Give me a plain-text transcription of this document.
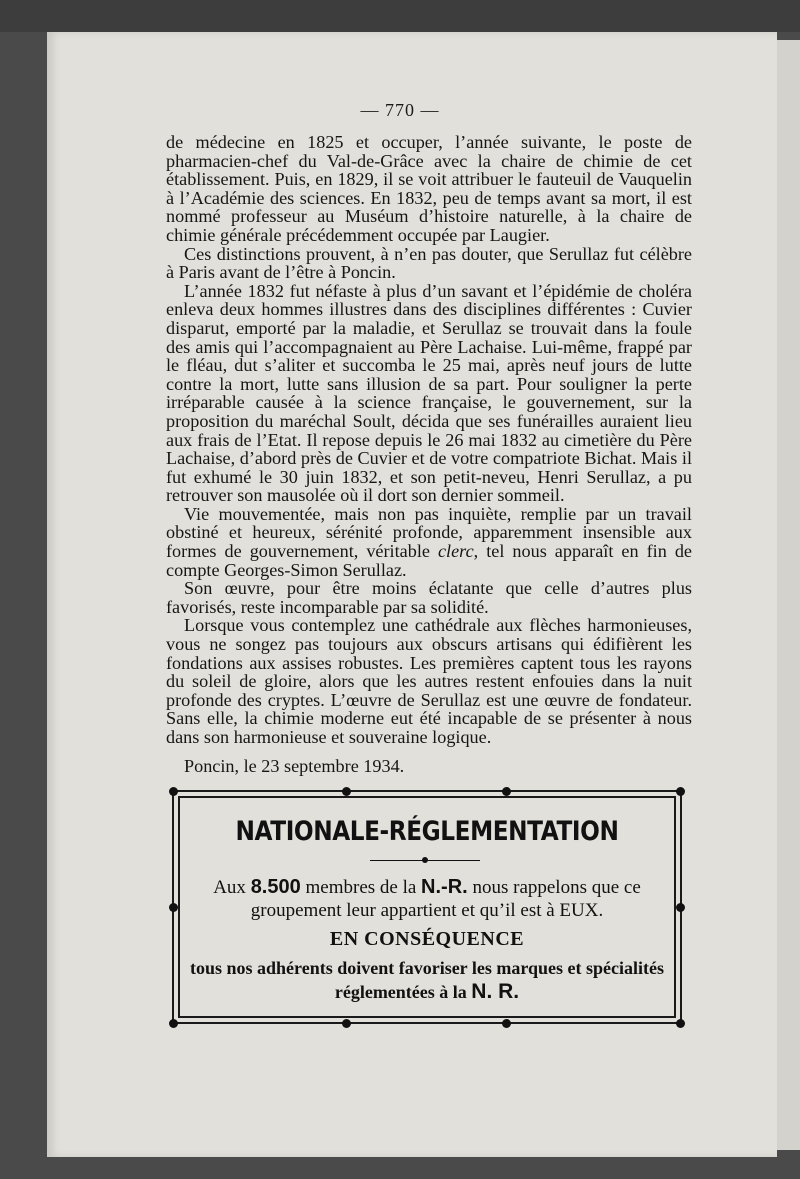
— 770 —

de médecine en 1825 et occuper, l’année suivante, le poste de pharmacien-chef du Val-de-Grâce avec la chaire de chimie de cet établissement. Puis, en 1829, il se voit attribuer le fauteuil de Vauquelin à l’Académie des sciences. En 1832, peu de temps avant sa mort, il est nommé professeur au Muséum d’histoire naturelle, à la chaire de chimie générale précédemment occupée par Laugier.

Ces distinctions prouvent, à n’en pas douter, que Serullaz fut célèbre à Paris avant de l’être à Poncin.

L’année 1832 fut néfaste à plus d’un savant et l’épidémie de choléra enleva deux hommes illustres dans des disciplines différentes : Cuvier disparut, emporté par la maladie, et Serullaz se trouvait dans la foule des amis qui l’accompagnaient au Père Lachaise. Lui-même, frappé par le fléau, dut s’aliter et succomba le 25 mai, après neuf jours de lutte contre la mort, lutte sans illusion de sa part. Pour souligner la perte irréparable causée à la science française, le gouvernement, sur la proposition du maréchal Soult, décida que ses funérailles auraient lieu aux frais de l’Etat. Il repose depuis le 26 mai 1832 au cimetière du Père Lachaise, d’abord près de Cuvier et de votre compatriote Bichat. Mais il fut exhumé le 30 juin 1832, et son petit-neveu, Henri Serullaz, a pu retrouver son mausolée où il dort son dernier sommeil.

Vie mouvementée, mais non pas inquiète, remplie par un travail obstiné et heureux, sérénité profonde, apparemment insensible aux formes de gouvernement, véritable clerc, tel nous apparaît en fin de compte Georges-Simon Serullaz.

Son œuvre, pour être moins éclatante que celle d’autres plus favorisés, reste incomparable par sa solidité.

Lorsque vous contemplez une cathédrale aux flèches harmonieuses, vous ne songez pas toujours aux obscurs artisans qui édifièrent les fondations aux assises robustes. Les premières captent tous les rayons du soleil de gloire, alors que les autres restent enfouies dans la nuit profonde des cryptes. L’œuvre de Serullaz est une œuvre de fondateur. Sans elle, la chimie moderne eut été incapable de se présenter à nous dans son harmonieuse et souveraine logique.

Poncin, le 23 septembre 1934.

NATIONALE-RÉGLEMENTATION
Aux 8.500 membres de la N.-R. nous rappelons que ce
groupement leur appartient et qu’il est à EUX.
EN CONSÉQUENCE
tous nos adhérents doivent favoriser les marques et spécialités
réglementées à la N. R.
